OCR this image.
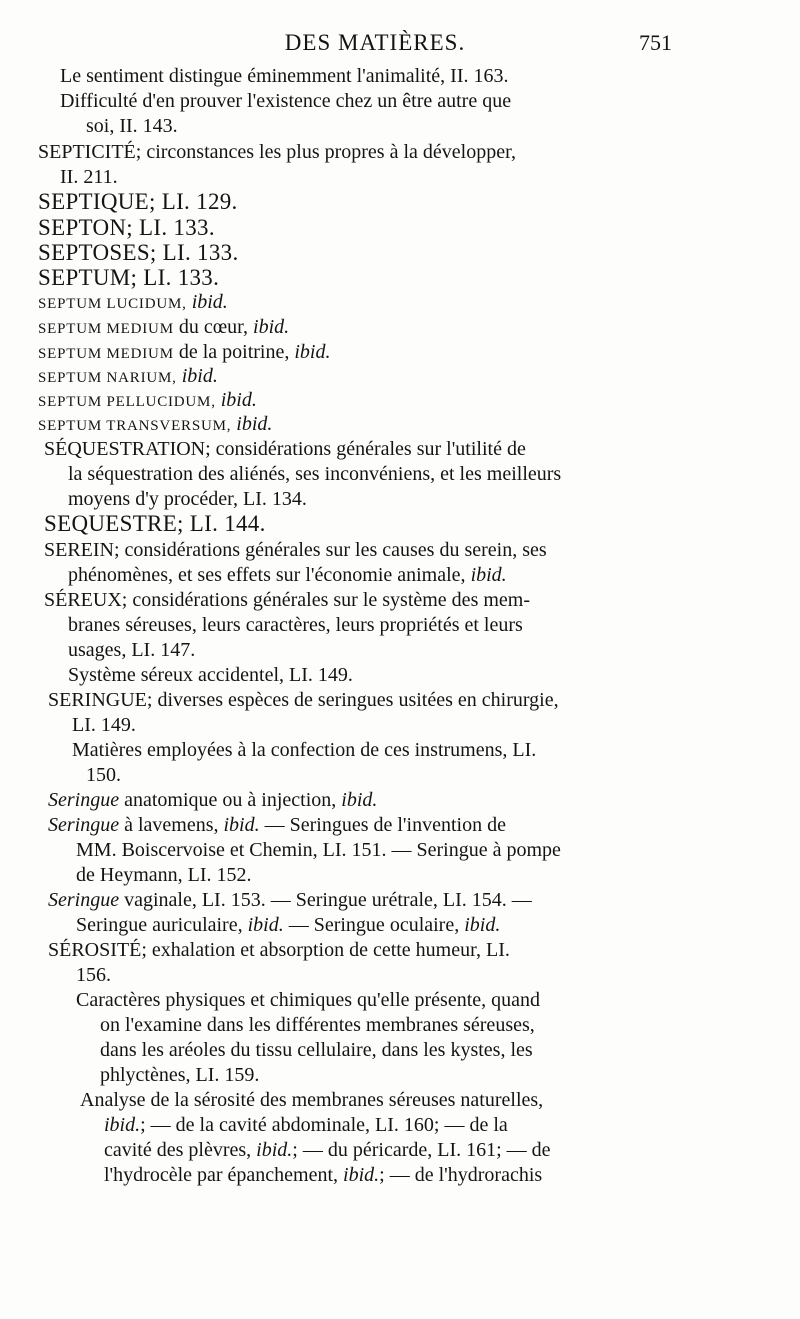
DES MATIÈRES.	751
Le sentiment distingue éminemment l'animalité, II. 163.
Difficulté d'en prouver l'existence chez un être autre que
soi, II. 143.
SEPTICITÉ; circonstances les plus propres à la développer,
II. 211.
SEPTIQUE; LI. 129.
SEPTON; LI. 133.
SEPTOSES; LI. 133.
SEPTUM; LI. 133.
SEPTUM LUCIDUM, ibid.
SEPTUM MEDIUM du cœur, ibid.
SEPTUM MEDIUM de la poitrine, ibid.
SEPTUM NARIUM, ibid.
SEPTUM PELLUCIDUM, ibid.
SEPTUM TRANSVERSUM, ibid.
SÉQUESTRATION; considérations générales sur l'utilité de
la séquestration des aliénés, ses inconvéniens, et les meilleurs
moyens d'y procéder, LI. 134.
SEQUESTRE; LI. 144.
SEREIN; considérations générales sur les causes du serein, ses
phénomènes, et ses effets sur l'économie animale, ibid.
SÉREUX; considérations générales sur le système des mem-
branes séreuses, leurs caractères, leurs propriétés et leurs
usages, LI. 147.
Système séreux accidentel, LI. 149.
SERINGUE; diverses espèces de seringues usitées en chirurgie,
LI. 149.
Matières employées à la confection de ces instrumens, LI.
150.
Seringue anatomique ou à injection, ibid.
Seringue à lavemens, ibid. — Seringues de l'invention de
MM. Boiscervoise et Chemin, LI. 151. — Seringue à pompe
de Heymann, LI. 152.
Seringue vaginale, LI. 153. — Seringue urétrale, LI. 154. —
Seringue auriculaire, ibid. — Seringue oculaire, ibid.
SÉROSITÉ; exhalation et absorption de cette humeur, LI.
156.
Caractères physiques et chimiques qu'elle présente, quand
on l'examine dans les différentes membranes séreuses,
dans les aréoles du tissu cellulaire, dans les kystes, les
phlyctènes, LI. 159.
Analyse de la sérosité des membranes séreuses naturelles,
ibid.; — de la cavité abdominale, LI. 160; — de la
cavité des plèvres, ibid.; — du péricarde, LI. 161; — de
l'hydrocèle par épanchement, ibid.; — de l'hydrorachis
